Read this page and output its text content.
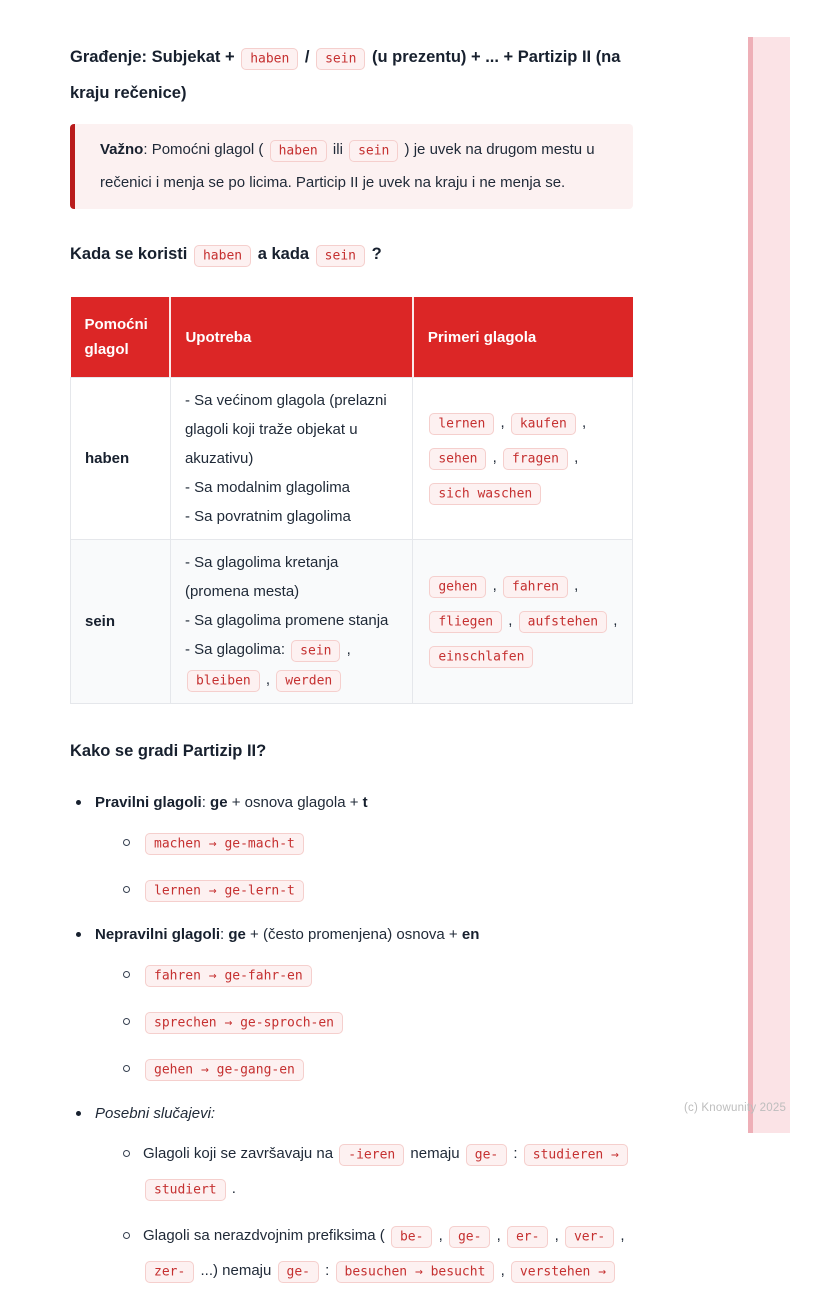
(c) Knowunity 2025
Građenje: Subjekat + haben / sein (u prezentu) + ... + Partizip II (na kraju rečenice)

Važno: Pomoćni glagol ( haben ili sein ) je uvek na drugom mestu u rečenici i menja se po licima. Particip II je uvek na kraju i ne menja se.

Kada se koristi haben a kada sein ?
Pomoćni glagol	Upotreba	Primeri glagola
haben	- Sa većinom glagola (prelazni glagoli koji traže objekat u akuzativu)
- Sa modalnim glagolima
- Sa povratnim glagolima	lernen , kaufen , sehen , fragen , sich waschen
sein	- Sa glagolima kretanja (promena mesta)
- Sa glagolima promene stanja
- Sa glagolima: sein , bleiben , werden	gehen , fahren , fliegen , aufstehen , einschlafen
Kako se gradi Partizip II?
Pravilni glagoli: ge + osnova glagola + t
machen → ge-mach-t
lernen → ge-lern-t
Nepravilni glagoli: ge + (često promenjena) osnova + en
fahren → ge-fahr-en
sprechen → ge-sproch-en
gehen → ge-gang-en
Posebni slučajevi:
Glagoli koji se završavaju na -ieren nemaju ge- : studieren → studiert .
Glagoli sa nerazdvojnim prefiksima ( be- , ge- , er- , ver- , zer- ...) nemaju ge- : besuchen → besucht , verstehen →
